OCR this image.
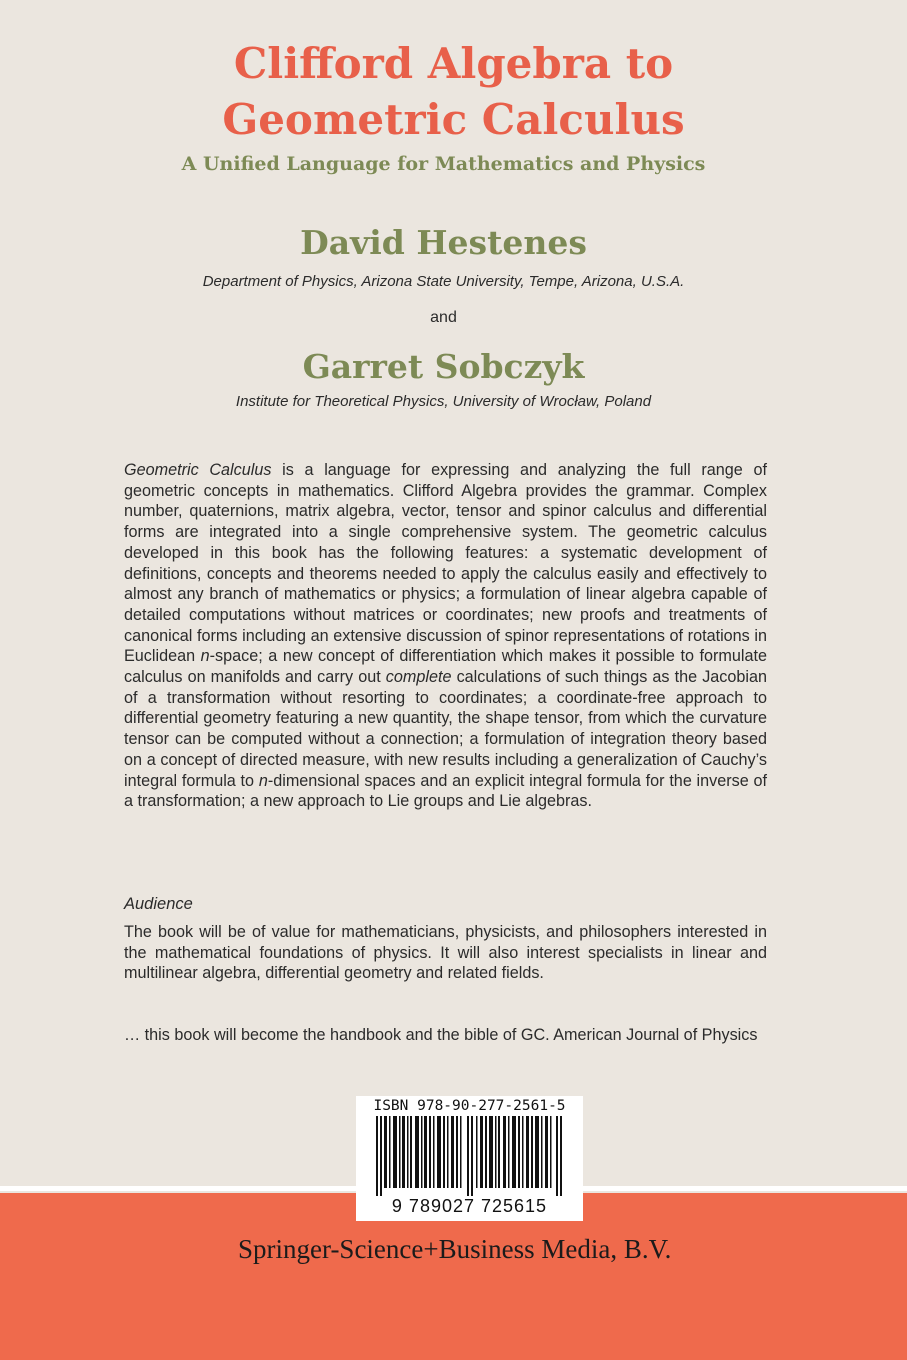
Clifford Algebra to
Geometric Calculus
A Unified Language for Mathematics and Physics
David Hestenes
Department of Physics, Arizona State University, Tempe, Arizona, U.S.A.
and
Garret Sobczyk
Institute for Theoretical Physics, University of Wrocław, Poland
Geometric Calculus is a language for expressing and analyzing the full range of geometric concepts in mathematics. Clifford Algebra provides the grammar. Complex number, quaternions, matrix algebra, vector, tensor and spinor calculus and differential forms are integrated into a single comprehensive system. The geometric calculus developed in this book has the following features: a systematic development of definitions, concepts and theorems needed to apply the calculus easily and effectively to almost any branch of mathematics or physics; a formulation of linear algebra capable of detailed computations without matrices or coordinates; new proofs and treatments of canonical forms including an extensive discussion of spinor representations of rotations in Euclidean n-space; a new concept of differentiation which makes it possible to formulate calculus on manifolds and carry out complete calculations of such things as the Jacobian of a transformation without resorting to coordinates; a coordinate-free approach to differential geometry featuring a new quantity, the shape tensor, from which the curvature tensor can be computed without a connection; a formulation of integration theory based on a concept of directed measure, with new results including a generalization of Cauchy’s integral formula to n-dimensional spaces and an explicit integral formula for the inverse of a transformation; a new approach to Lie groups and Lie algebras.
Audience
The book will be of value for mathematicians, physicists, and philosophers interested in the mathematical foundations of physics. It will also interest specialists in linear and multilinear algebra, differential geometry and related fields.
… this book will become the handbook and the bible of GC. American Journal of Physics
ISBN 978-90-277-2561-5
9 789027 725615
Springer-Science+Business Media, B.V.
